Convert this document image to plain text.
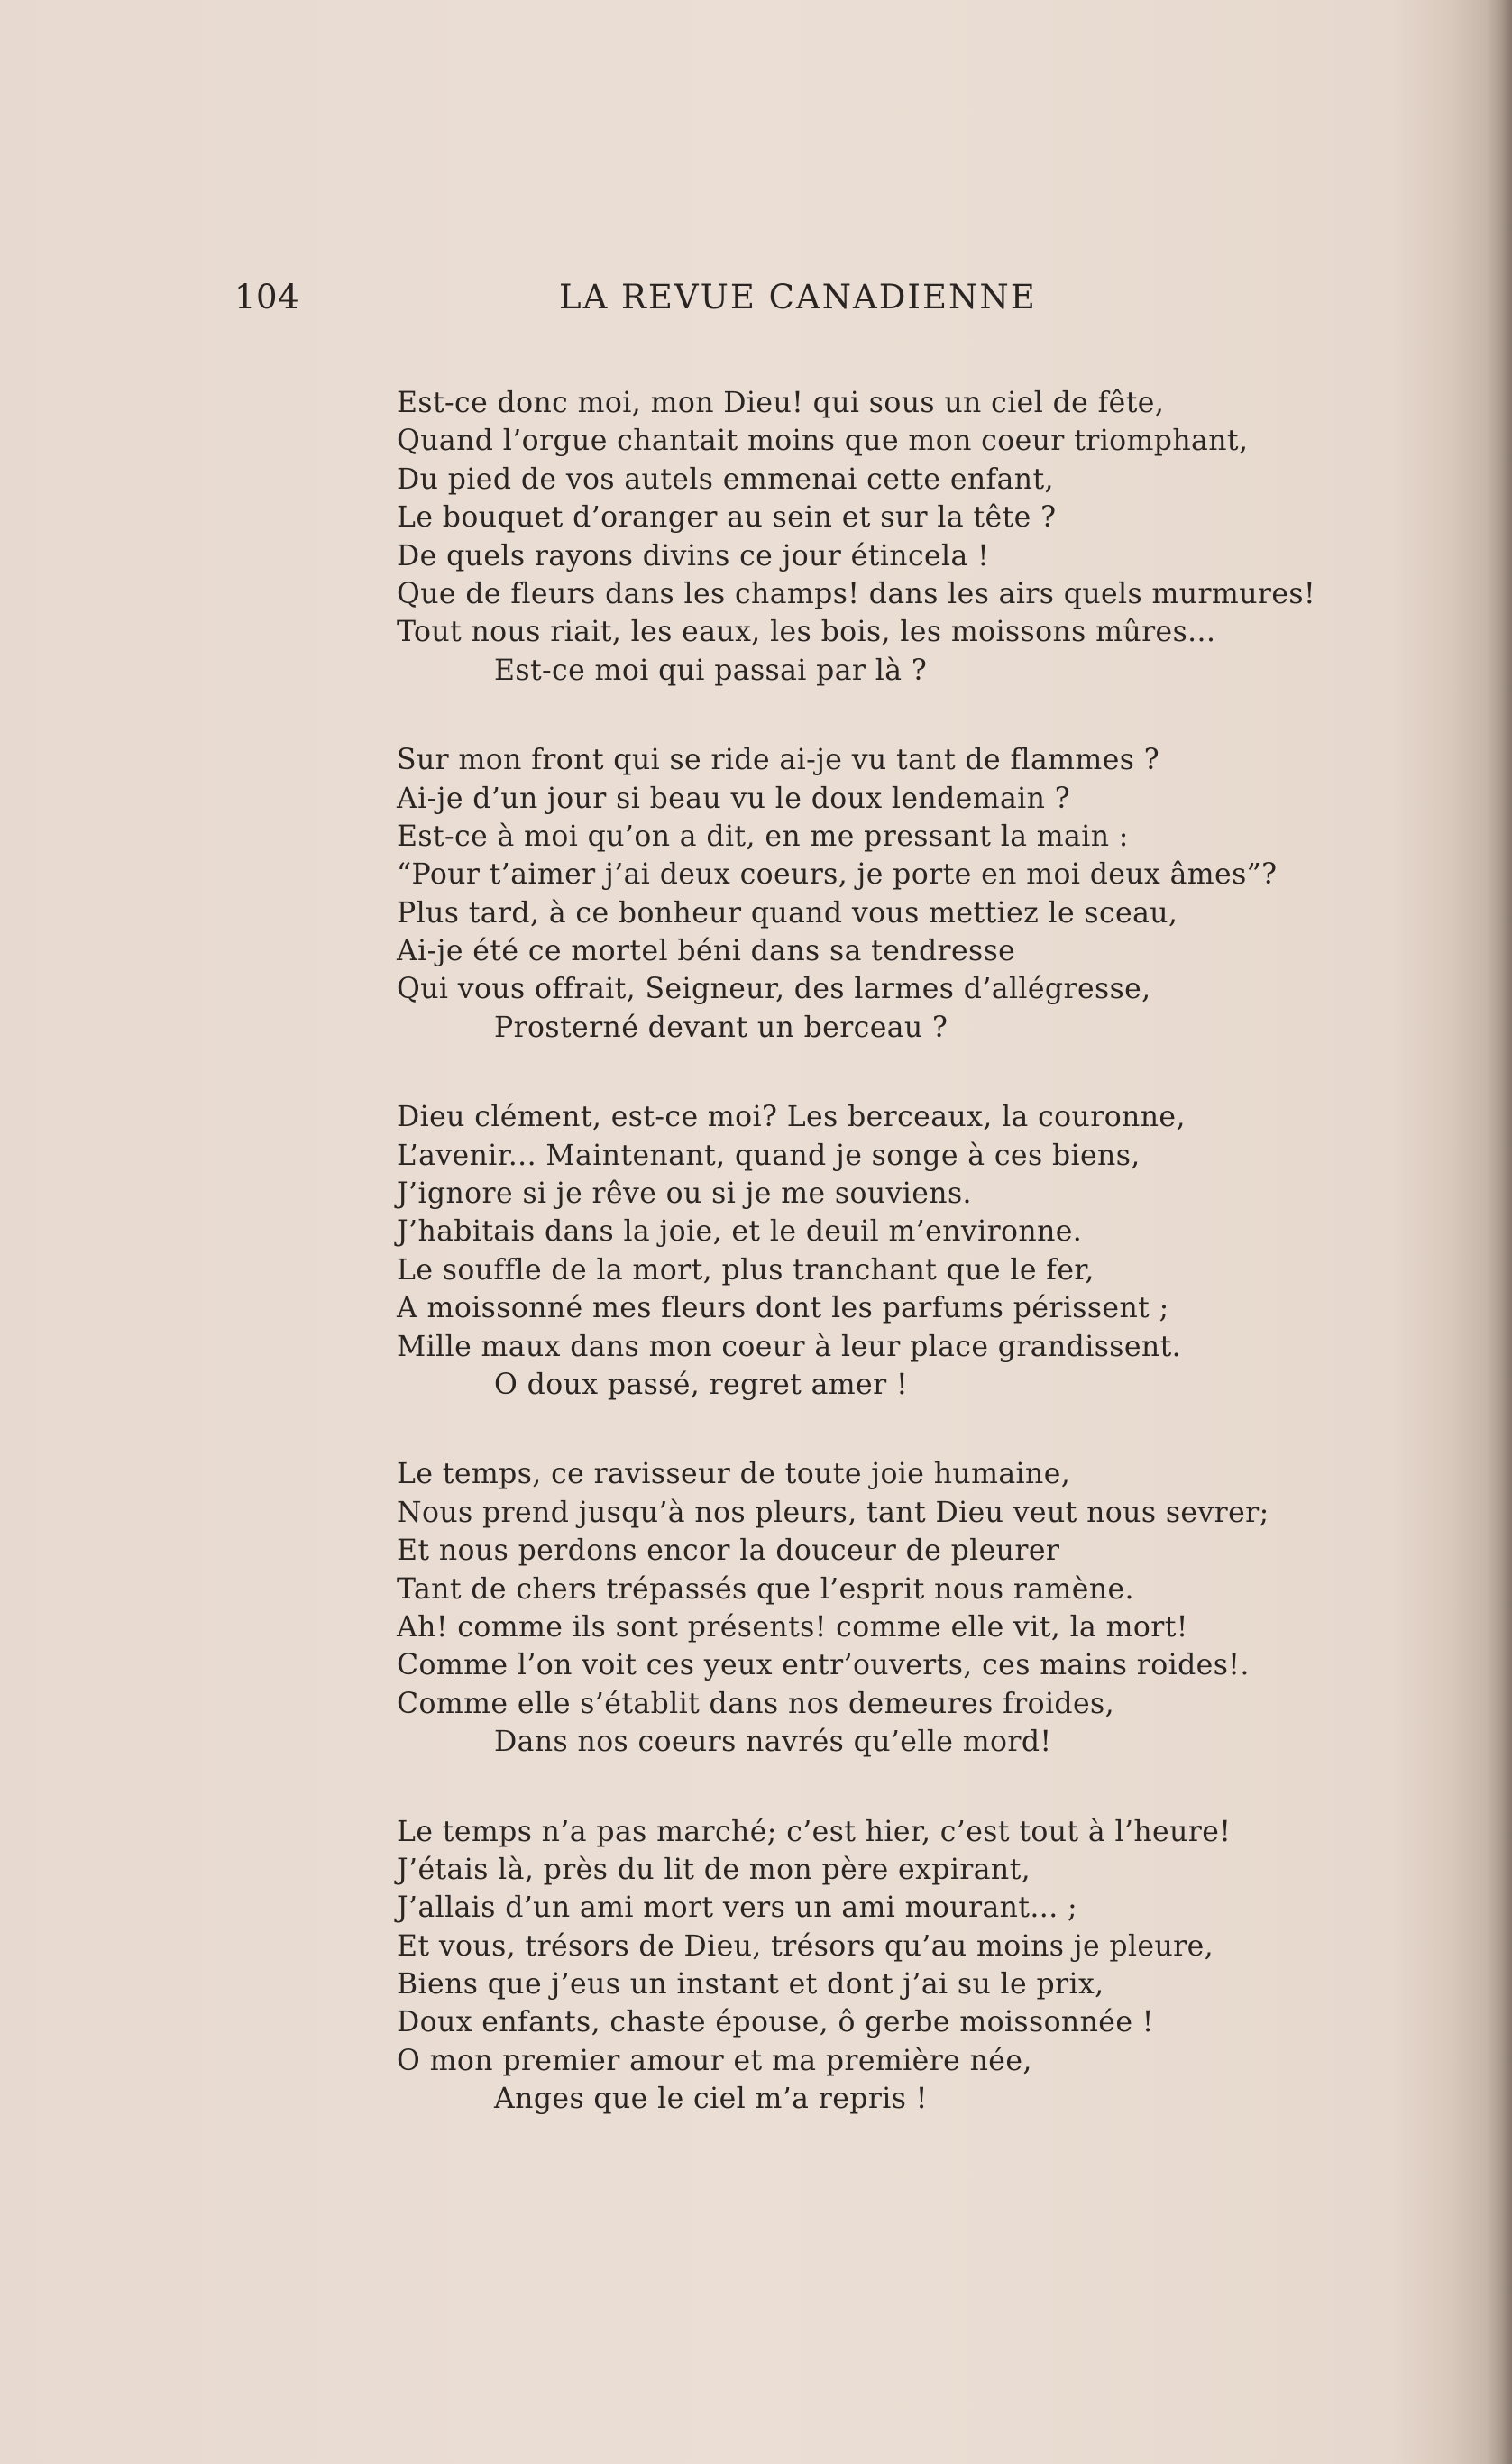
104	LA REVUE CANADIENNE
Est-ce donc moi, mon Dieu! qui sous un ciel de fête,
Quand l’orgue chantait moins que mon coeur triomphant,
Du pied de vos autels emmenai cette enfant,
Le bouquet d’oranger au sein et sur la tête ?
De quels rayons divins ce jour étincela !
Que de fleurs dans les champs! dans les airs quels murmures!
Tout nous riait, les eaux, les bois, les moissons mûres...
Est-ce moi qui passai par là ?
Sur mon front qui se ride ai-je vu tant de flammes ?
Ai-je d’un jour si beau vu le doux lendemain ?
Est-ce à moi qu’on a dit, en me pressant la main :
“Pour t’aimer j’ai deux coeurs, je porte en moi deux âmes”?
Plus tard, à ce bonheur quand vous mettiez le sceau,
Ai-je été ce mortel béni dans sa tendresse
Qui vous offrait, Seigneur, des larmes d’allégresse,
Prosterné devant un berceau ?
Dieu clément, est-ce moi? Les berceaux, la couronne,
L’avenir... Maintenant, quand je songe à ces biens,
J’ignore si je rêve ou si je me souviens.
J’habitais dans la joie, et le deuil m’environne.
Le souffle de la mort, plus tranchant que le fer,
A moissonné mes fleurs dont les parfums périssent ;
Mille maux dans mon coeur à leur place grandissent.
O doux passé, regret amer !
Le temps, ce ravisseur de toute joie humaine,
Nous prend jusqu’à nos pleurs, tant Dieu veut nous sevrer;
Et nous perdons encor la douceur de pleurer
Tant de chers trépassés que l’esprit nous ramène.
Ah! comme ils sont présents! comme elle vit, la mort!
Comme l’on voit ces yeux entr’ouverts, ces mains roides!.
Comme elle s’établit dans nos demeures froides,
Dans nos coeurs navrés qu’elle mord!
Le temps n’a pas marché; c’est hier, c’est tout à l’heure!
J’étais là, près du lit de mon père expirant,
J’allais d’un ami mort vers un ami mourant... ;
Et vous, trésors de Dieu, trésors qu’au moins je pleure,
Biens que j’eus un instant et dont j’ai su le prix,
Doux enfants, chaste épouse, ô gerbe moissonnée !
O mon premier amour et ma première née,
Anges que le ciel m’a repris !
